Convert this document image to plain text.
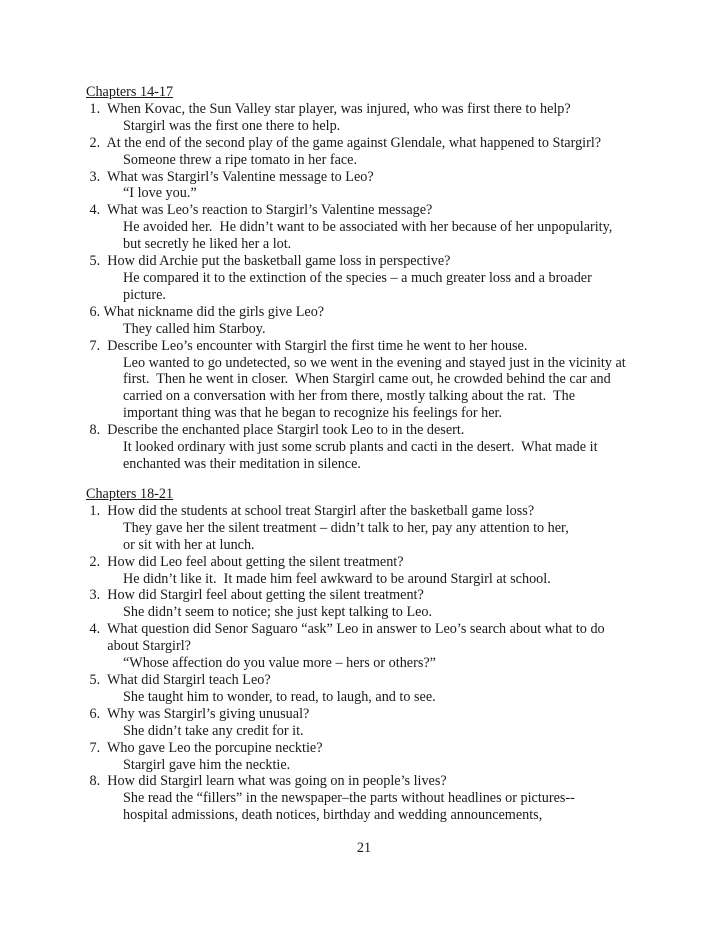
Chapters 14-17
1.  When Kovac, the Sun Valley star player, was injured, who was first there to help?
Stargirl was the first one there to help.
2.  At the end of the second play of the game against Glendale, what happened to Stargirl?
Someone threw a ripe tomato in her face.
3.  What was Stargirl’s Valentine message to Leo?
“I love you.”
4.  What was Leo’s reaction to Stargirl’s Valentine message?
He avoided her.  He didn’t want to be associated with her because of her unpopularity,
but secretly he liked her a lot.
5.  How did Archie put the basketball game loss in perspective?
He compared it to the extinction of the species – a much greater loss and a broader
picture.
6. What nickname did the girls give Leo?
They called him Starboy.
7.  Describe Leo’s encounter with Stargirl the first time he went to her house.
Leo wanted to go undetected, so we went in the evening and stayed just in the vicinity at
first.  Then he went in closer.  When Stargirl came out, he crowded behind the car and
carried on a conversation with her from there, mostly talking about the rat.  The
important thing was that he began to recognize his feelings for her.
8.  Describe the enchanted place Stargirl took Leo to in the desert.
It looked ordinary with just some scrub plants and cacti in the desert.  What made it
enchanted was their meditation in silence.
Chapters 18-21
1.  How did the students at school treat Stargirl after the basketball game loss?
They gave her the silent treatment – didn’t talk to her, pay any attention to her,
or sit with her at lunch.
2.  How did Leo feel about getting the silent treatment?
He didn’t like it.  It made him feel awkward to be around Stargirl at school.
3.  How did Stargirl feel about getting the silent treatment?
She didn’t seem to notice; she just kept talking to Leo.
4.  What question did Senor Saguaro “ask” Leo in answer to Leo’s search about what to do
about Stargirl?
“Whose affection do you value more – hers or others?”
5.  What did Stargirl teach Leo?
She taught him to wonder, to read, to laugh, and to see.
6.  Why was Stargirl’s giving unusual?
She didn’t take any credit for it.
7.  Who gave Leo the porcupine necktie?
Stargirl gave him the necktie.
8.  How did Stargirl learn what was going on in people’s lives?
She read the “fillers” in the newspaper–the parts without headlines or pictures--
hospital admissions, death notices, birthday and wedding announcements,
21
